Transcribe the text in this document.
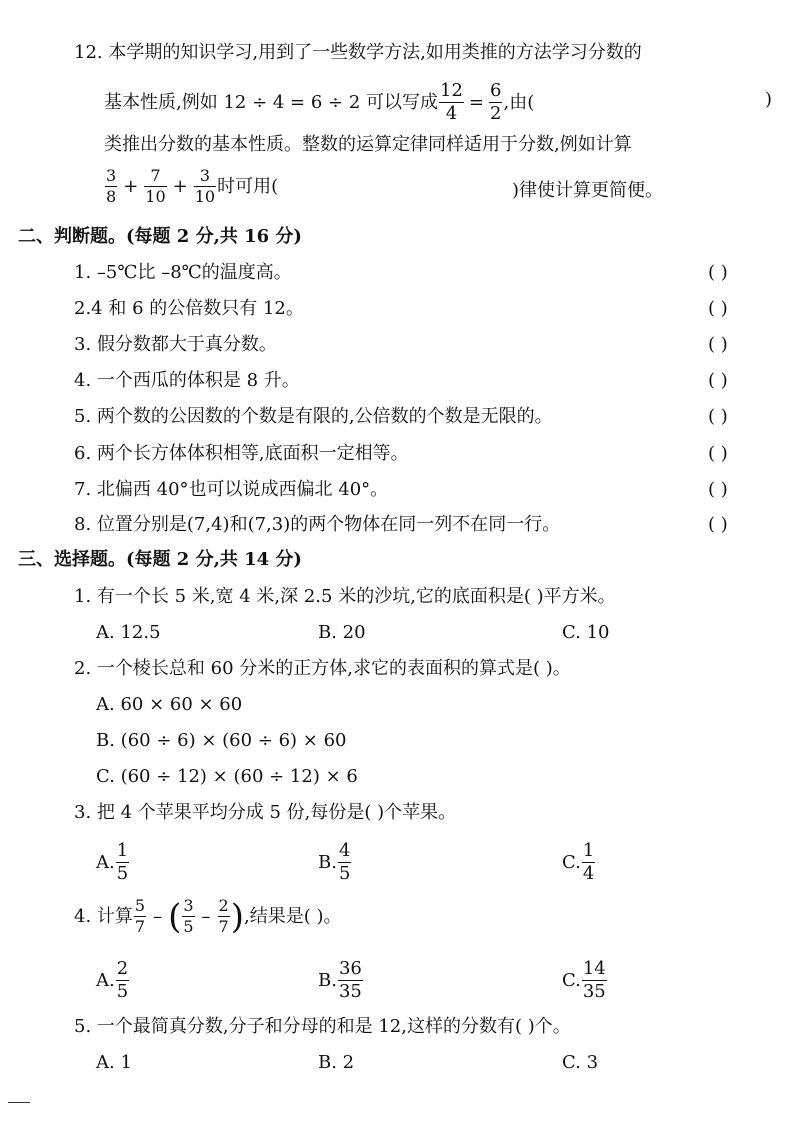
12. 本学期的知识学习,用到了一些数学方法,如用类推的方法学习分数的
基本性质,例如 12 ÷ 4 = 6 ÷ 2 可以写成 $\frac{12}{4} = \frac{6}{2}$ ,由(	)
类推出分数的基本性质。整数的运算定律同样适用于分数,例如计算
$\frac{3}{8} + \frac{7}{10} + \frac{3}{10}$ 时可用(	)律使计算更简便。
二、判断题。(每题 2 分,共 16 分)
1. –5℃比 –8℃的温度高。	( )
2.4 和 6 的公倍数只有 12。	( )
3. 假分数都大于真分数。	( )
4. 一个西瓜的体积是 8 升。	( )
5. 两个数的公因数的个数是有限的,公倍数的个数是无限的。	( )
6. 两个长方体体积相等,底面积一定相等。	( )
7. 北偏西 40°也可以说成西偏北 40°。	( )
8. 位置分别是(7,4)和(7,3)的两个物体在同一列不在同一行。	( )
三、选择题。(每题 2 分,共 14 分)
1. 有一个长 5 米,宽 4 米,深 2.5 米的沙坑,它的底面积是( )平方米。
A. 12.5	B. 20	C. 10
2. 一个棱长总和 60 分米的正方体,求它的表面积的算式是( )。
A. 60 × 60 × 60
B. (60 ÷ 6) × (60 ÷ 6) × 60
C. (60 ÷ 12) × (60 ÷ 12) × 6
3. 把 4 个苹果平均分成 5 份,每份是( )个苹果。
A. $\frac{1}{5}$	B. $\frac{4}{5}$	C. $\frac{1}{4}$
4. 计算 $\frac{5}{7}$ – ( $\frac{3}{5} - \frac{2}{7}$ ) ,结果是( )。
A. $\frac{2}{5}$	B. $\frac{36}{35}$	C. $\frac{14}{35}$
5. 一个最简真分数,分子和分母的和是 12,这样的分数有( )个。
A. 1	B. 2	C. 3
